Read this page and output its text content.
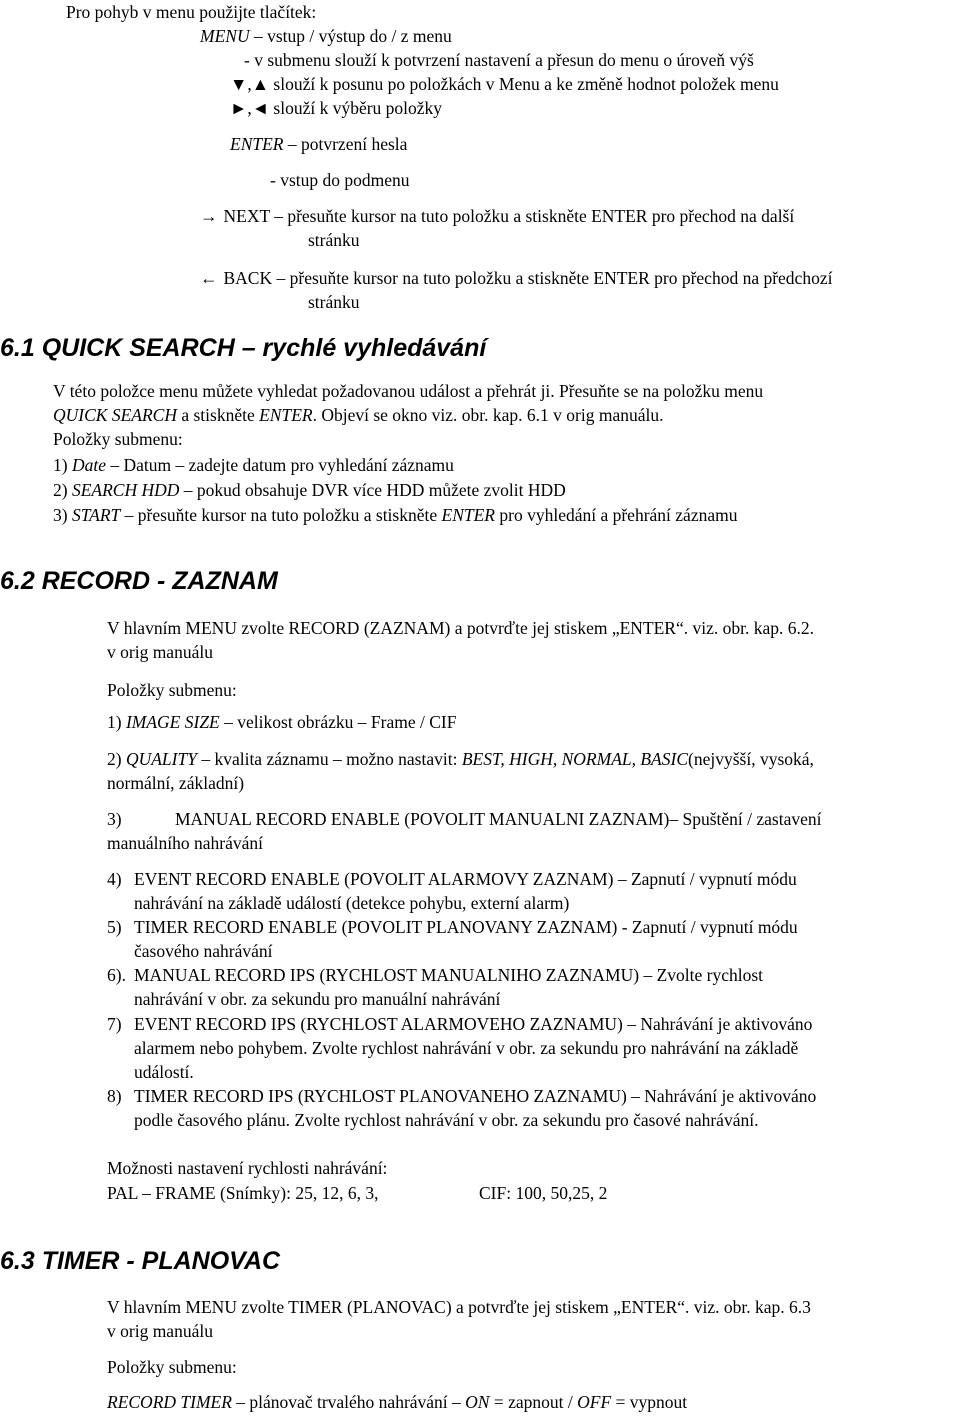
Pro pohyb v menu použijte tlačítek:
MENU – vstup / výstup do / z menu
- v submenu slouží k potvrzení nastavení a přesun do menu o úroveň výš
▼,▲ slouží k posunu po položkách v Menu a ke změně hodnot položek menu
►,◄ slouží k výběru položky
ENTER – potvrzení hesla
- vstup do podmenu
→ NEXT – přesuňte kursor na tuto položku a stiskněte ENTER pro přechod na další
stránku
← BACK – přesuňte kursor na tuto položku a stiskněte ENTER pro přechod na předchozí
stránku
6.1 QUICK SEARCH – rychlé vyhledávání
V této položce menu můžete vyhledat požadovanou událost a přehrát ji. Přesuňte se na položku menu
QUICK SEARCH a stiskněte ENTER. Objeví se okno viz. obr. kap. 6.1 v orig manuálu.
Položky submenu:
1) Date – Datum – zadejte datum pro vyhledání záznamu
2) SEARCH HDD – pokud obsahuje DVR více HDD můžete zvolit HDD
3) START – přesuňte kursor na tuto položku a stiskněte ENTER pro vyhledání a přehrání záznamu
6.2 RECORD - ZAZNAM
V hlavním MENU zvolte RECORD (ZAZNAM) a potvrďte jej stiskem „ENTER“. viz. obr. kap. 6.2.
v orig manuálu
Položky submenu:
1) IMAGE SIZE – velikost obrázku – Frame / CIF
2) QUALITY – kvalita záznamu – možno nastavit: BEST, HIGH, NORMAL, BASIC(nejvyšší, vysoká,
normální, základní)
3)	MANUAL RECORD ENABLE (POVOLIT MANUALNI ZAZNAM)– Spuštění / zastavení
manuálního nahrávání
4) EVENT RECORD ENABLE (POVOLIT ALARMOVY ZAZNAM) – Zapnutí / vypnutí módu
nahrávání na základě událostí (detekce pohybu, externí alarm)
5) TIMER RECORD ENABLE (POVOLIT PLANOVANY ZAZNAM) - Zapnutí / vypnutí módu
časového nahrávání
6). MANUAL RECORD IPS (RYCHLOST MANUALNIHO ZAZNAMU) – Zvolte rychlost
nahrávání v obr. za sekundu pro manuální nahrávání
7) EVENT RECORD IPS (RYCHLOST ALARMOVEHO ZAZNAMU) – Nahrávání je aktivováno
alarmem nebo pohybem. Zvolte rychlost nahrávání v obr. za sekundu pro nahrávání na základě
událostí.
8) TIMER RECORD IPS (RYCHLOST PLANOVANEHO ZAZNAMU) – Nahrávání je aktivováno
podle časového plánu. Zvolte rychlost nahrávání v obr. za sekundu pro časové nahrávání.
Možnosti nastavení rychlosti nahrávání:
PAL – FRAME (Snímky): 25, 12, 6, 3,	CIF: 100, 50,25, 2
6.3 TIMER - PLANOVAC
V hlavním MENU zvolte TIMER (PLANOVAC) a potvrďte jej stiskem „ENTER“. viz. obr. kap. 6.3
v orig manuálu
Položky submenu:
RECORD TIMER – plánovač trvalého nahrávání – ON = zapnout / OFF = vypnout
